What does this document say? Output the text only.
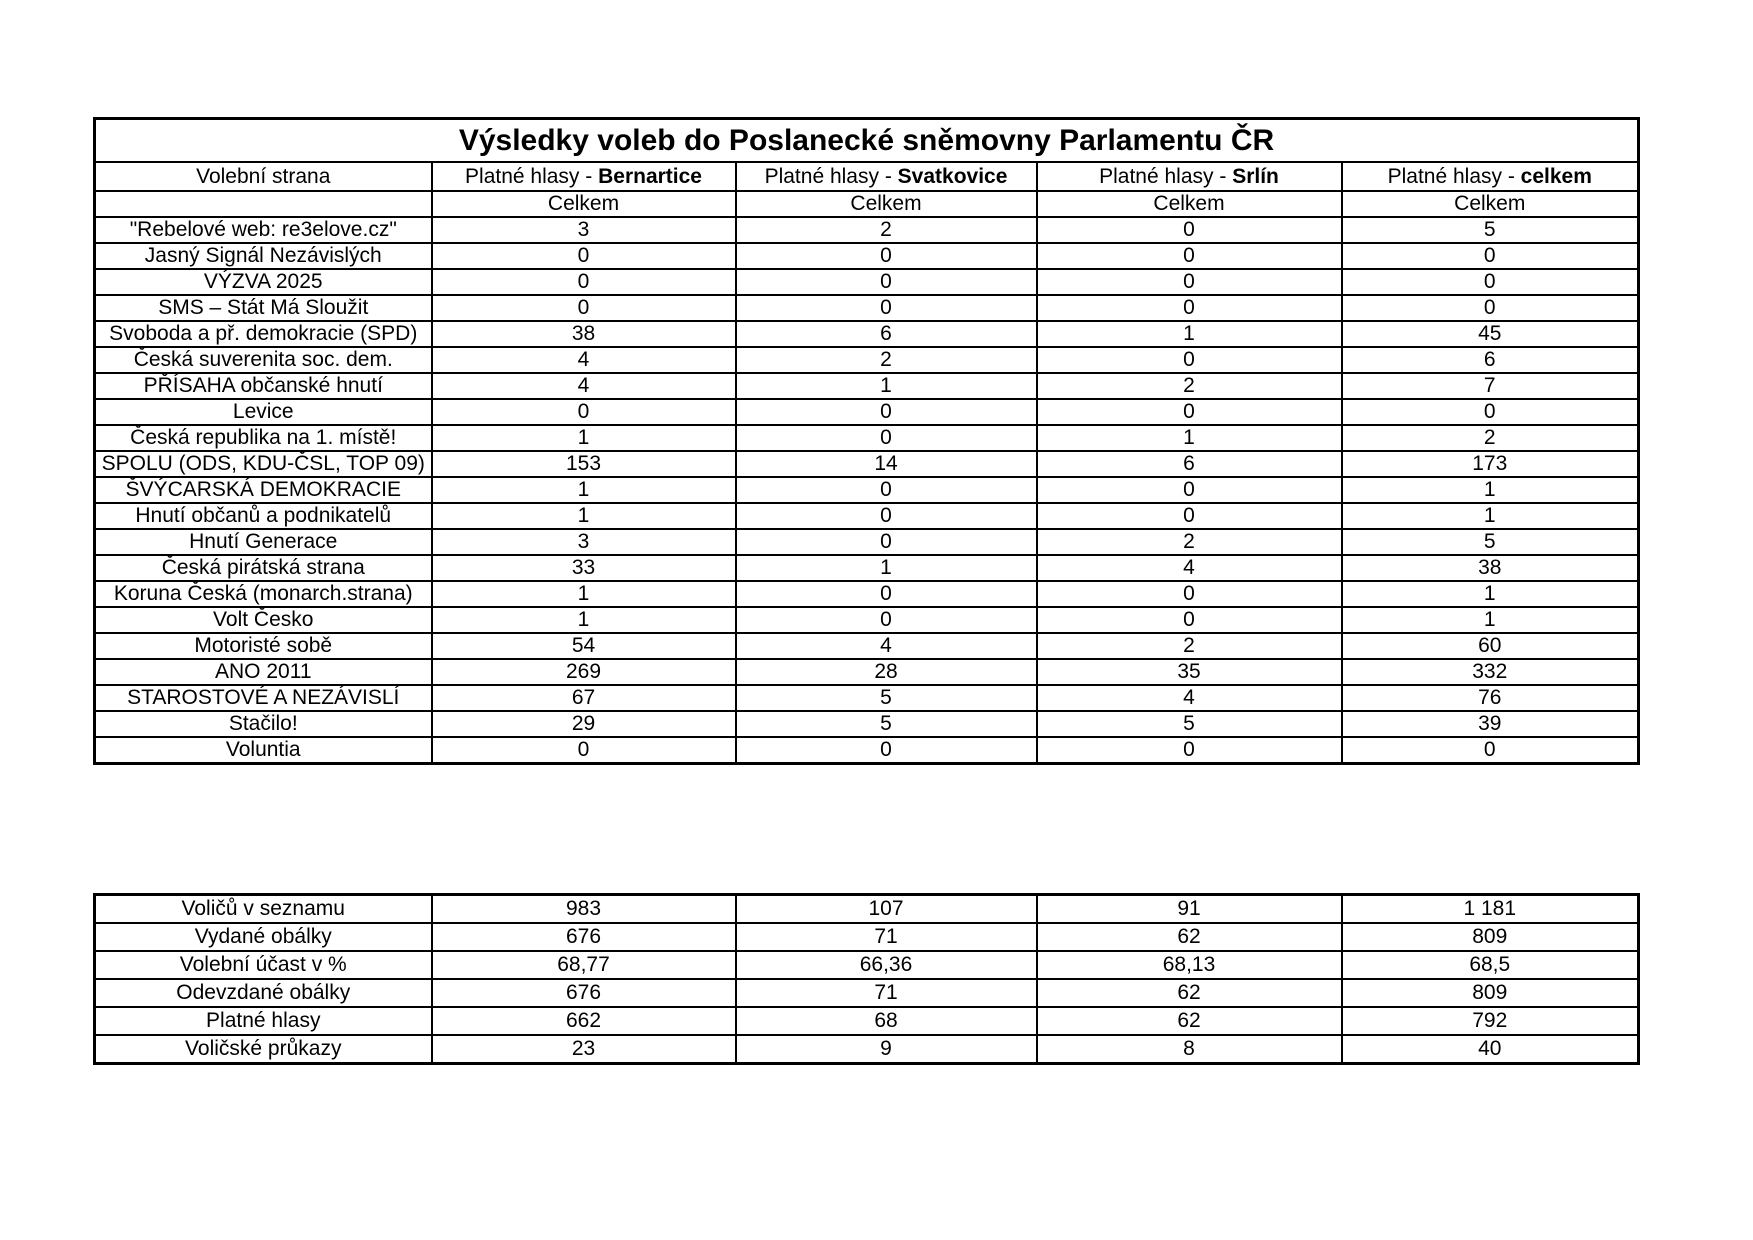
Výsledky voleb do Poslanecké sněmovny Parlamentu ČR				
Volební strana	Platné hlasy - Bernartice	Platné hlasy - Svatkovice	Platné hlasy - Srlín	Platné hlasy - celkem
	Celkem	Celkem	Celkem	Celkem
"Rebelové web: re3elove.cz"	3	2	0	5
Jasný Signál Nezávislých	0	0	0	0
VÝZVA 2025	0	0	0	0
SMS – Stát Má Sloužit	0	0	0	0
Svoboda a př. demokracie (SPD)	38	6	1	45
Česká suverenita soc. dem.	4	2	0	6
PŘÍSAHA občanské hnutí	4	1	2	7
Levice	0	0	0	0
Česká republika na 1. místě!	1	0	1	2
SPOLU (ODS, KDU-ČSL, TOP 09)	153	14	6	173
ŠVÝCARSKÁ DEMOKRACIE	1	0	0	1
Hnutí občanů a podnikatelů	1	0	0	1
Hnutí Generace	3	0	2	5
Česká pirátská strana	33	1	4	38
Koruna Česká (monarch.strana)	1	0	0	1
Volt Česko	1	0	0	1
Motoristé sobě	54	4	2	60
ANO 2011	269	28	35	332
STAROSTOVÉ A NEZÁVISLÍ	67	5	4	76
Stačilo!	29	5	5	39
Voluntia	0	0	0	0
Voličů v seznamu	983	107	91	1 181
Vydané obálky	676	71	62	809
Volební účast v %	68,77	66,36	68,13	68,5
Odevzdané obálky	676	71	62	809
Platné hlasy	662	68	62	792
Voličské průkazy	23	9	8	40
